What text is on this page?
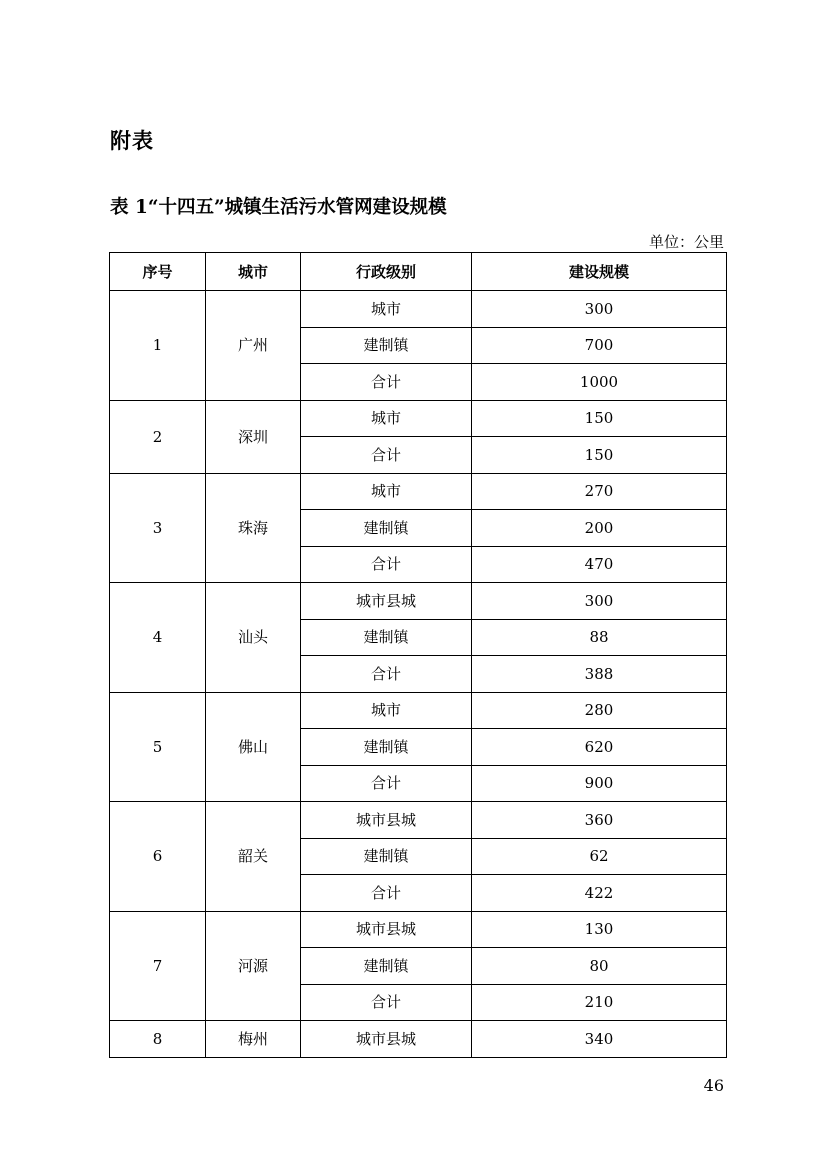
附表
表 1“十四五”城镇生活污水管网建设规模
单位：公里
序号	城市	行政级别	建设规模
1	广州	城市	300
		建制镇	700
		合计	1000
2	深圳	城市	150
		合计	150
3	珠海	城市	270
		建制镇	200
		合计	470
4	汕头	城市县城	300
		建制镇	88
		合计	388
5	佛山	城市	280
		建制镇	620
		合计	900
6	韶关	城市县城	360
		建制镇	62
		合计	422
7	河源	城市县城	130
		建制镇	80
		合计	210
8	梅州	城市县城	340
46
